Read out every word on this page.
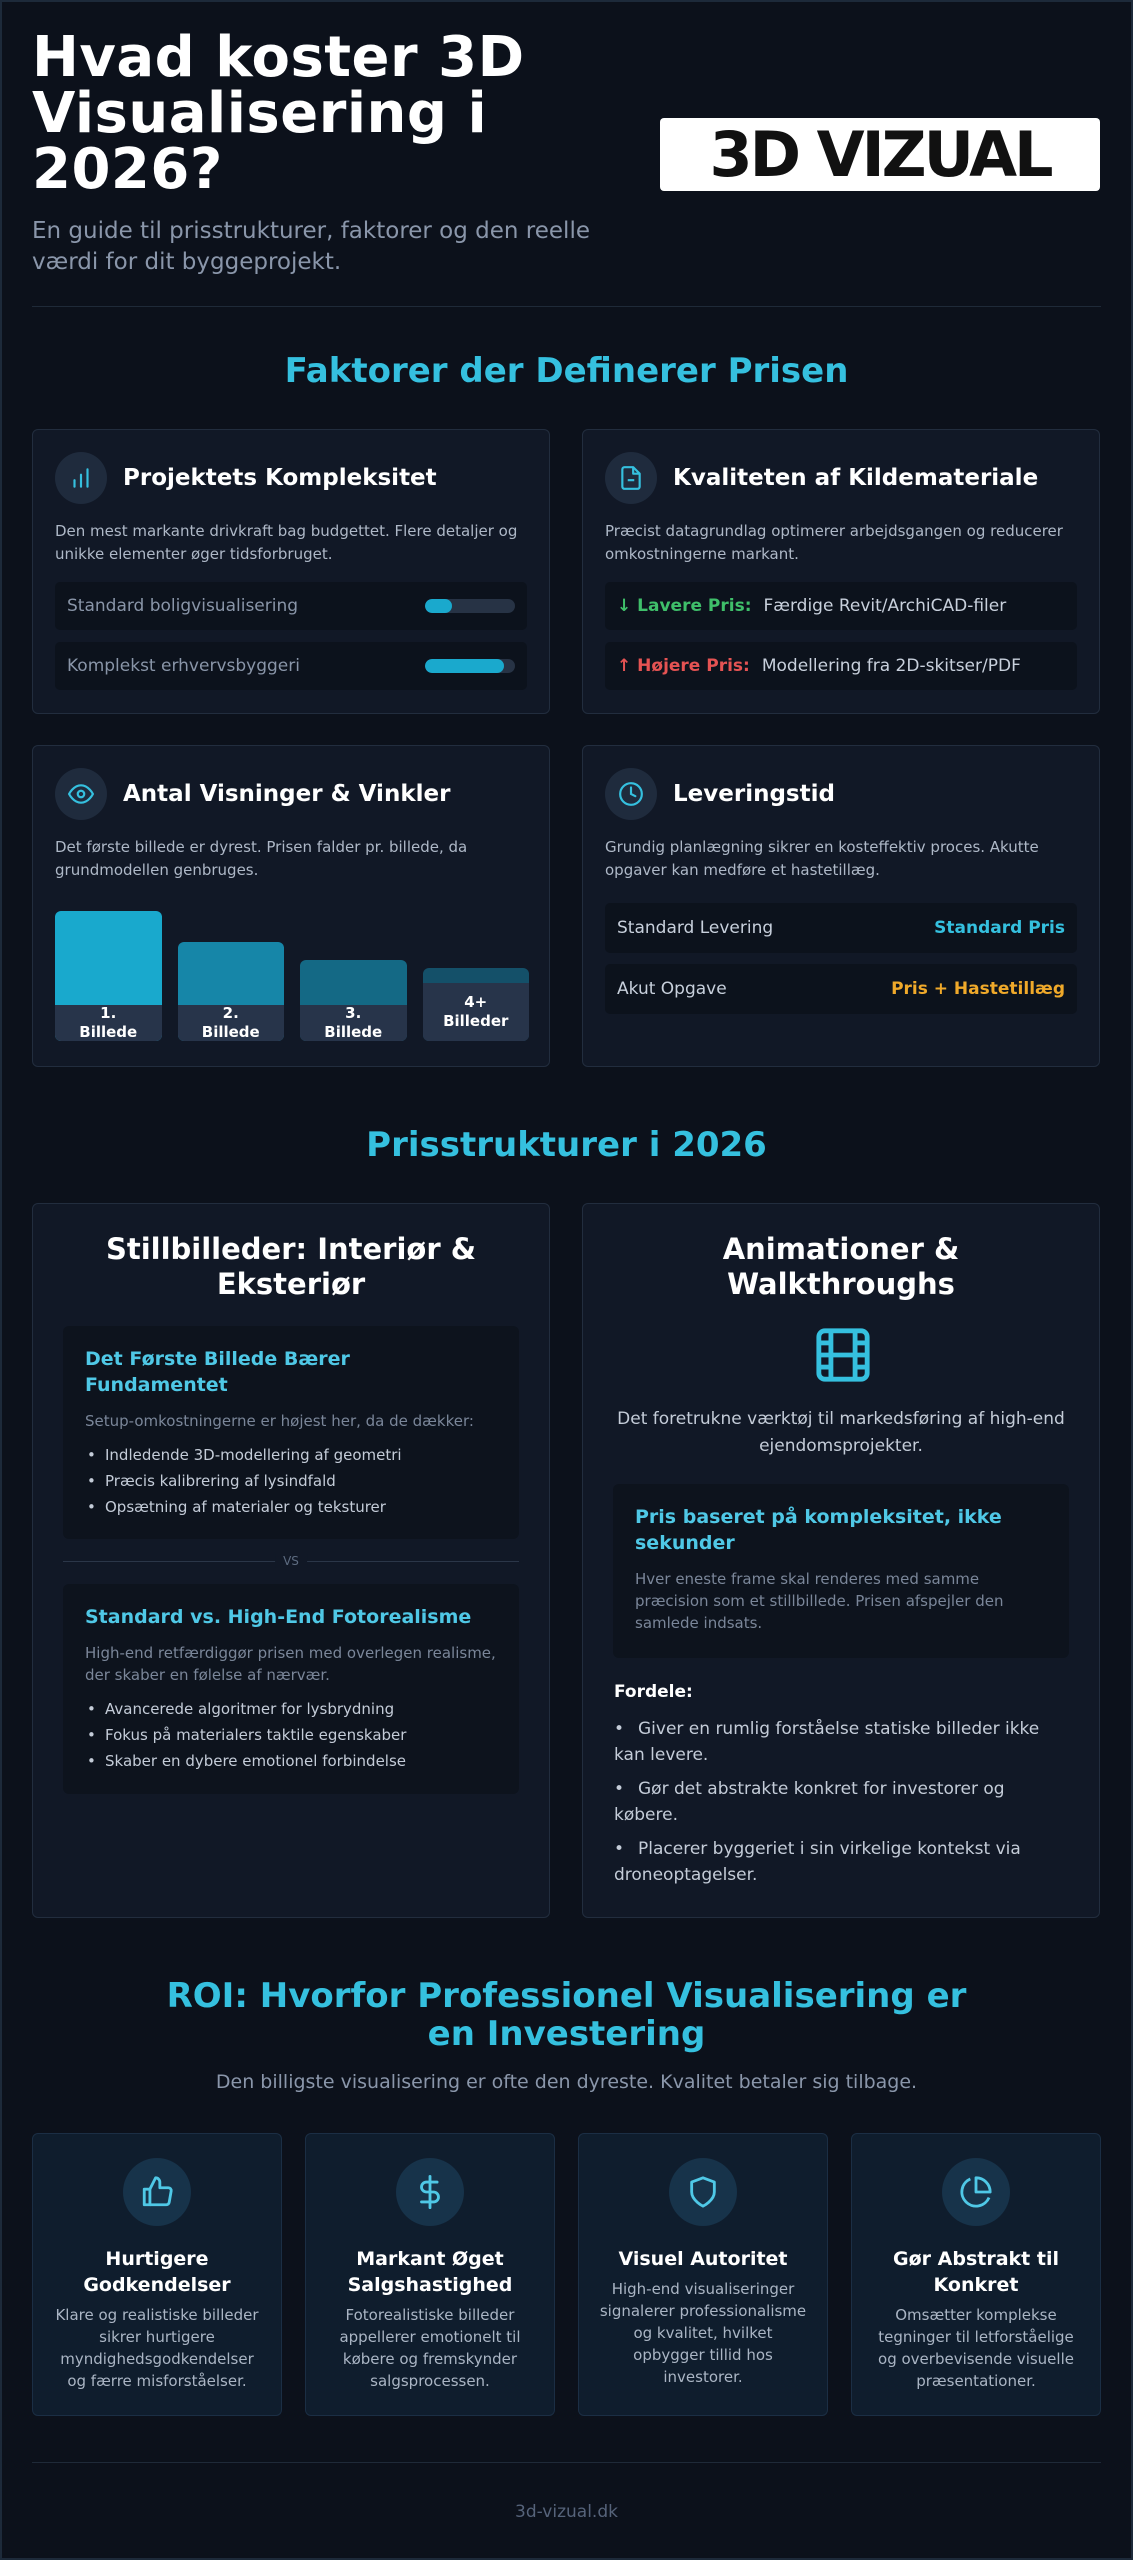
Hvad koster 3D Visualisering i 2026?

En guide til prisstrukturer, faktorer og den reelle værdi for dit byggeprojekt.

3D VIZUAL
Faktorer der Definerer Prisen
Projektets Kompleksitet
Den mest markante drivkraft bag budgettet. Flere detaljer og unikke elementer øger tidsforbruget.
Standard boligvisualisering
Komplekst erhvervsbyggeri
Kvaliteten af Kildemateriale
Præcist datagrundlag optimerer arbejdsgangen og reducerer omkostningerne markant.
↓ Lavere Pris: Færdige Revit/ArchiCAD-filer
↑ Højere Pris: Modellering fra 2D-skitser/PDF
Antal Visninger & Vinkler
Det første billede er dyrest. Prisen falder pr. billede, da grundmodellen genbruges.
1. Billede
2. Billede
3. Billede
4+ Billeder
Leveringstid
Grundig planlægning sikrer en kosteffektiv proces. Akutte opgaver kan medføre et hastetillæg.
Standard Levering	Standard Pris
Akut Opgave	Pris + Hastetillæg
Prisstrukturer i 2026
Stillbilleder: Interiør & Eksteriør
Det Første Billede Bærer Fundamentet
Setup-omkostningerne er højest her, da de dækker:
• Indledende 3D-modellering af geometri
• Præcis kalibrering af lysindfald
• Opsætning af materialer og teksturer
VS
Standard vs. High-End Fotorealisme
High-end retfærdiggør prisen med overlegen realisme, der skaber en følelse af nærvær.
• Avancerede algoritmer for lysbrydning
• Fokus på materialers taktile egenskaber
• Skaber en dybere emotionel forbindelse
Animationer & Walkthroughs
Det foretrukne værktøj til markedsføring af high-end ejendomsprojekter.
Pris baseret på kompleksitet, ikke sekunder
Hver eneste frame skal renderes med samme præcision som et stillbillede. Prisen afspejler den samlede indsats.
Fordele:
• Giver en rumlig forståelse statiske billeder ikke kan levere.
• Gør det abstrakte konkret for investorer og købere.
• Placerer byggeriet i sin virkelige kontekst via droneoptagelser.
ROI: Hvorfor Professionel Visualisering er en Investering
Den billigste visualisering er ofte den dyreste. Kvalitet betaler sig tilbage.
Hurtigere Godkendelser

Klare og realistiske billeder sikrer hurtigere myndighedsgodkendelser og færre misforståelser.

Markant Øget Salgshastighed

Fotorealistiske billeder appellerer emotionelt til købere og fremskynder salgsprocessen.

Visuel Autoritet

High-end visualiseringer signalerer professionalisme og kvalitet, hvilket opbygger tillid hos investorer.

Gør Abstrakt til Konkret

Omsætter komplekse tegninger til letforståelige og overbevisende visuelle præsentationer.

3d-vizual.dk
